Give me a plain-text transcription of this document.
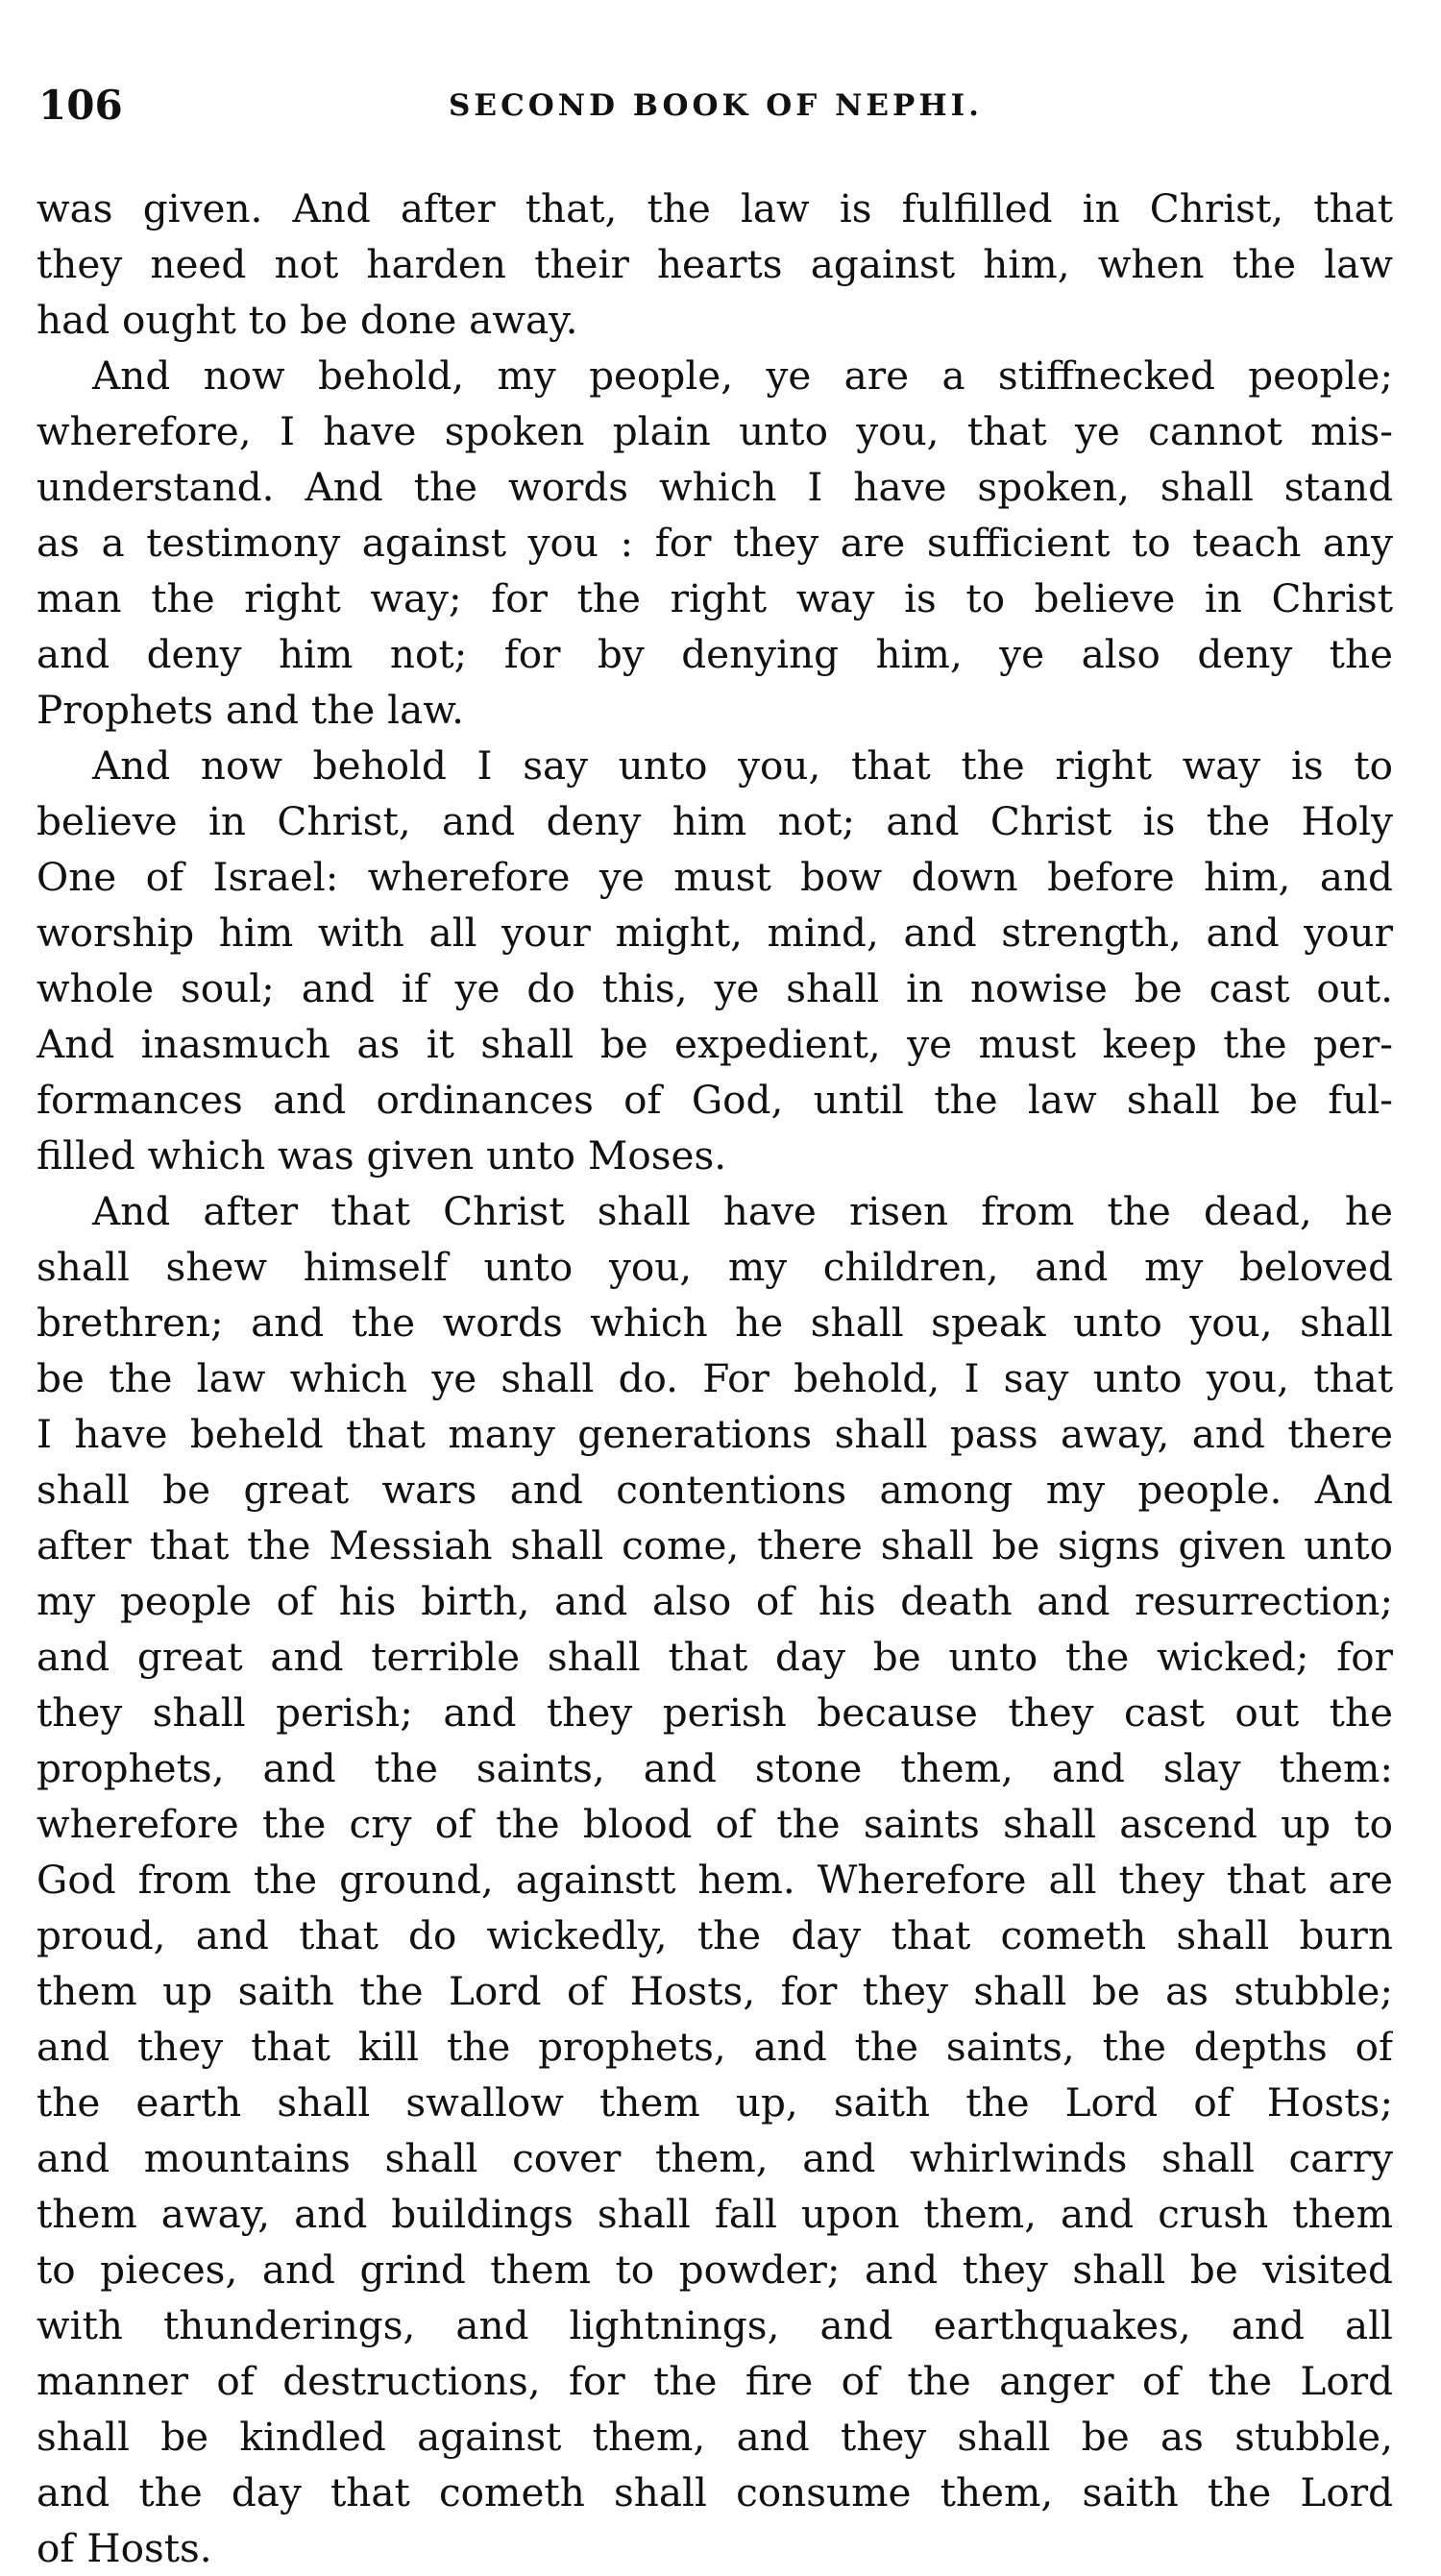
106	SECOND BOOK OF NEPHI.
was given. And after that, the law is fulfilled in Christ, that
they need not harden their hearts against him, when the law
had ought to be done away.
And now behold, my people, ye are a stiffnecked people;
wherefore, I have spoken plain unto you, that ye cannot mis-
understand. And the words which I have spoken, shall stand
as a testimony against you : for they are sufficient to teach any
man the right way; for the right way is to believe in Christ
and deny him not; for by denying him, ye also deny the
Prophets and the law.
And now behold I say unto you, that the right way is to
believe in Christ, and deny him not; and Christ is the Holy
One of Israel: wherefore ye must bow down before him, and
worship him with all your might, mind, and strength, and your
whole soul; and if ye do this, ye shall in nowise be cast out.
And inasmuch as it shall be expedient, ye must keep the per-
formances and ordinances of God, until the law shall be ful-
filled which was given unto Moses.
And after that Christ shall have risen from the dead, he
shall shew himself unto you, my children, and my beloved
brethren; and the words which he shall speak unto you, shall
be the law which ye shall do. For behold, I say unto you, that
I have beheld that many generations shall pass away, and there
shall be great wars and contentions among my people. And
after that the Messiah shall come, there shall be signs given unto
my people of his birth, and also of his death and resurrection;
and great and terrible shall that day be unto the wicked; for
they shall perish; and they perish because they cast out the
prophets, and the saints, and stone them, and slay them:
wherefore the cry of the blood of the saints shall ascend up to
God from the ground, againstt hem. Wherefore all they that are
proud, and that do wickedly, the day that cometh shall burn
them up saith the Lord of Hosts, for they shall be as stubble;
and they that kill the prophets, and the saints, the depths of
the earth shall swallow them up, saith the Lord of Hosts;
and mountains shall cover them, and whirlwinds shall carry
them away, and buildings shall fall upon them, and crush them
to pieces, and grind them to powder; and they shall be visited
with thunderings, and lightnings, and earthquakes, and all
manner of destructions, for the fire of the anger of the Lord
shall be kindled against them, and they shall be as stubble,
and the day that cometh shall consume them, saith the Lord
of Hosts.
